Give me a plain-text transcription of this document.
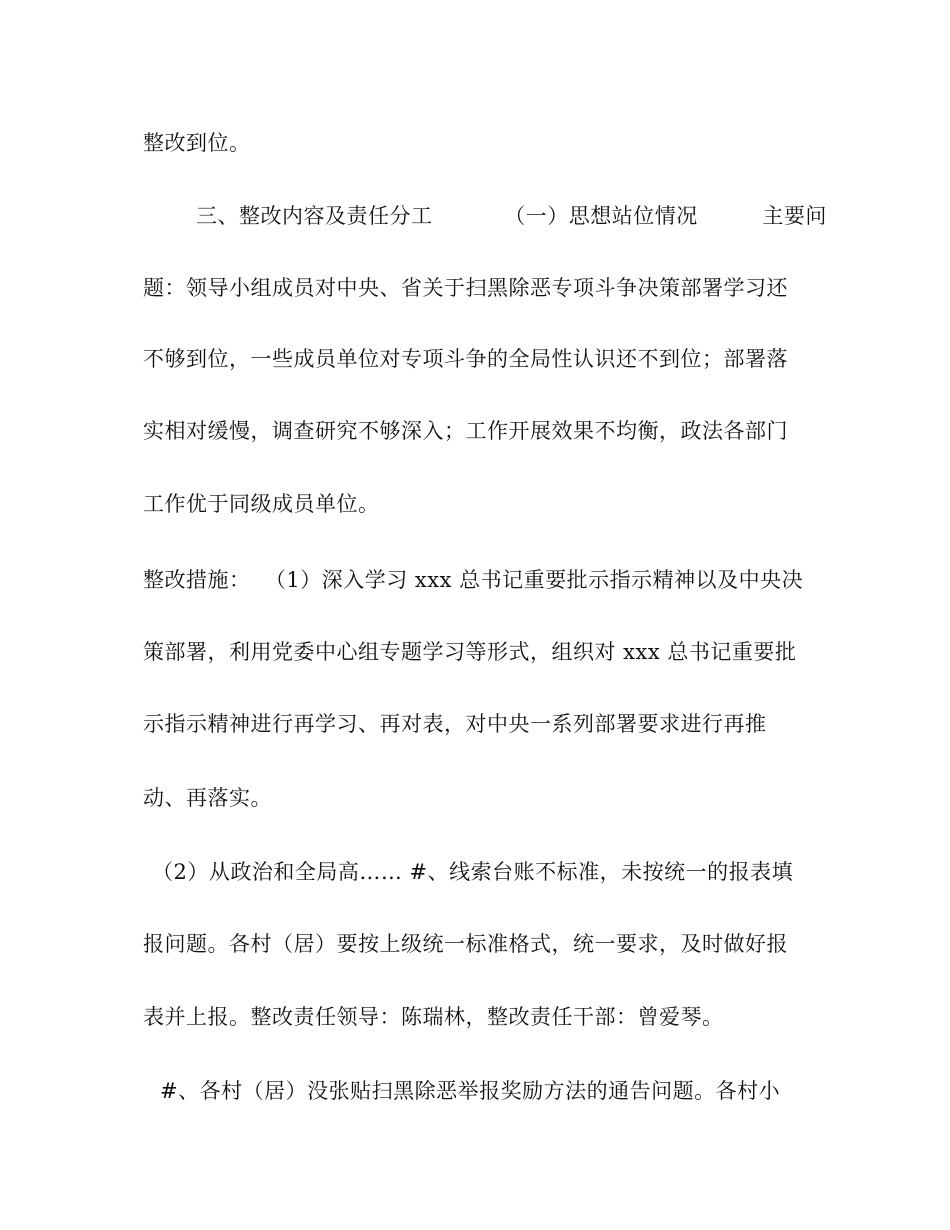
整改到位。
三、整改内容及责任分工          （一）思想站位情况         主要问
题：领导小组成员对中央、省关于扫黑除恶专项斗争决策部署学习还
不够到位，一些成员单位对专项斗争的全局性认识还不到位；部署落
实相对缓慢，调查研究不够深入；工作开展效果不均衡，政法各部门
工作优于同级成员单位。
整改措施：  （1）深入学习 xxx 总书记重要批示指示精神以及中央决
策部署，利用党委中心组专题学习等形式，组织对 xxx 总书记重要批
示指示精神进行再学习、再对表，对中央一系列部署要求进行再推
动、再落实。
（2）从政治和全局高…… #、线索台账不标准，未按统一的报表填
报问题。各村（居）要按上级统一标准格式，统一要求，及时做好报
表并上报。整改责任领导：陈瑞林，整改责任干部：曾爱琴。
#、各村（居）没张贴扫黑除恶举报奖励方法的通告问题。各村小
